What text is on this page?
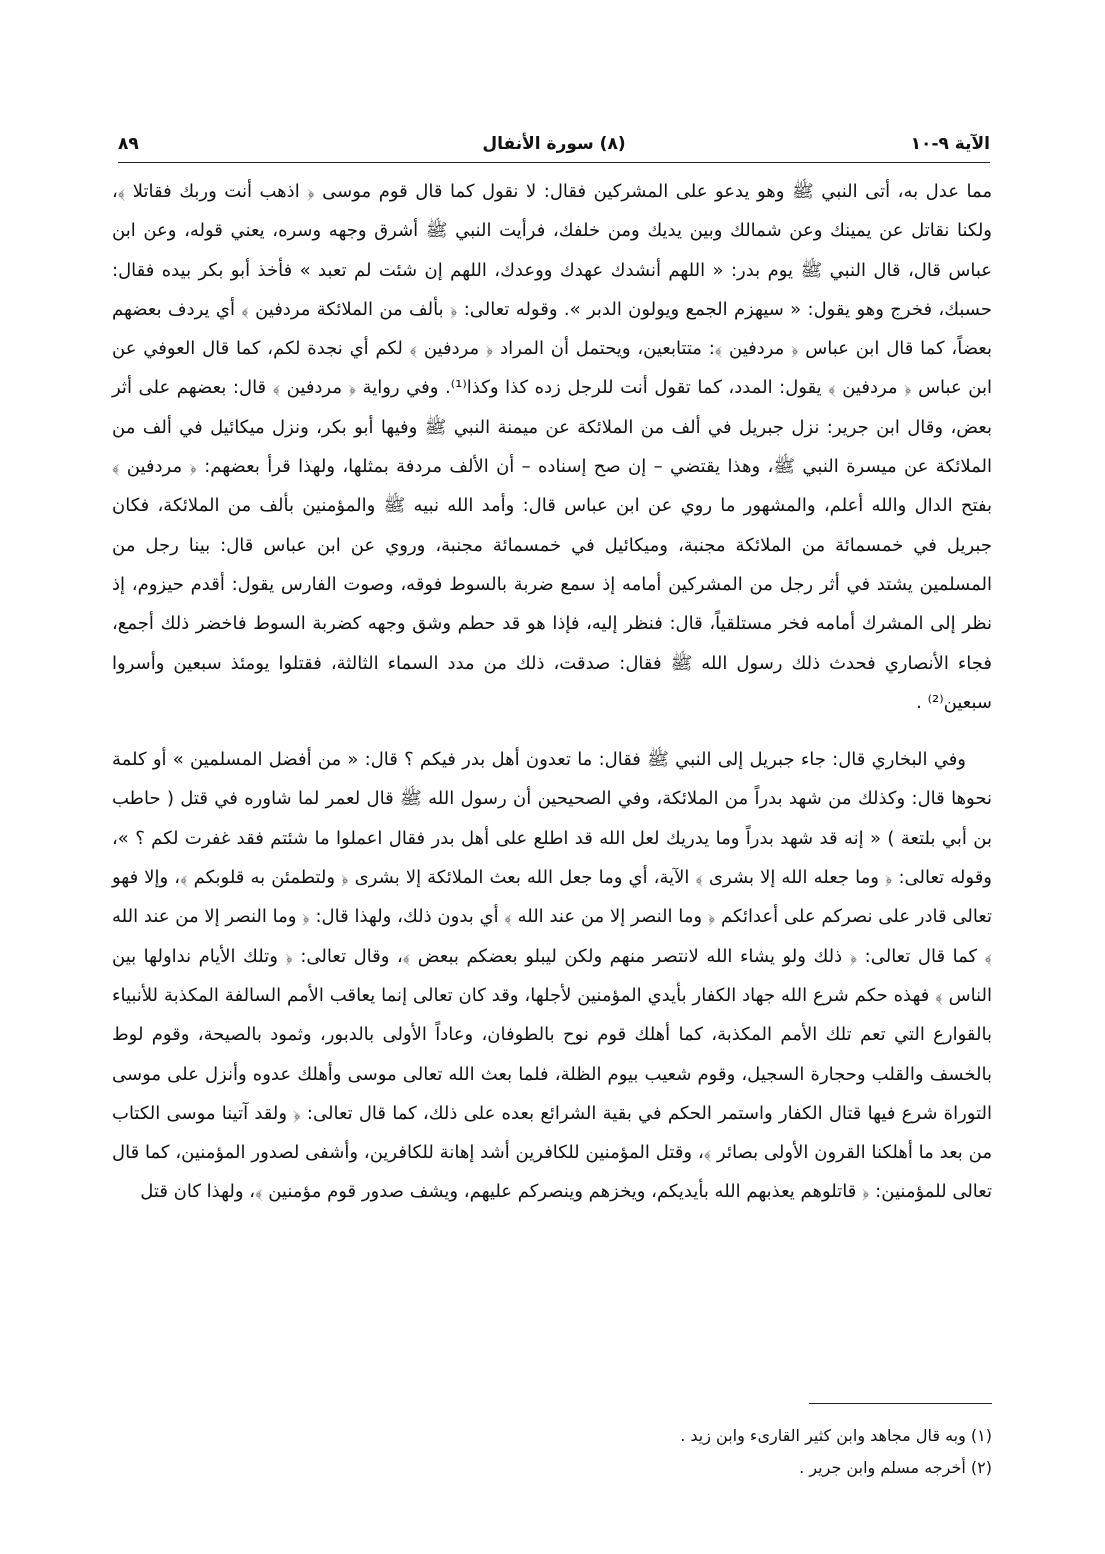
الآية ٩-١٠
(٨) سورة الأنفال
٨٩

مما عدل به، أتى النبي ﷺ وهو يدعو على المشركين فقال: لا نقول كما قال قوم موسى ﴿ اذهب أنت وربك فقاتلا ﴾، ولكنا نقاتل عن يمينك وعن شمالك وبين يديك ومن خلفك، فرأيت النبي ﷺ أشرق وجهه وسره، يعني قوله، وعن ابن عباس قال، قال النبي ﷺ يوم بدر: « اللهم أنشدك عهدك ووعدك، اللهم إن شئت لم تعبد » فأخذ أبو بكر بيده فقال: حسبك، فخرج وهو يقول: « سيهزم الجمع ويولون الدبر ». وقوله تعالى: ﴿ بألف من الملائكة مردفين ﴾ أي يردف بعضهم بعضاً، كما قال ابن عباس ﴿ مردفين ﴾: متتابعين، ويحتمل أن المراد ﴿ مردفين ﴾ لكم أي نجدة لكم، كما قال العوفي عن ابن عباس ﴿ مردفين ﴾ يقول: المدد، كما تقول أنت للرجل زده كذا وكذا⁽¹⁾. وفي رواية ﴿ مردفين ﴾ قال: بعضهم على أثر بعض، وقال ابن جرير: نزل جبريل في ألف من الملائكة عن ميمنة النبي ﷺ وفيها أبو بكر، ونزل ميكائيل في ألف من الملائكة عن ميسرة النبي ﷺ، وهذا يقتضي – إن صح إسناده – أن الألف مردفة بمثلها، ولهذا قرأ بعضهم: ﴿ مردفين ﴾ بفتح الدال والله أعلم، والمشهور ما روي عن ابن عباس قال: وأمد الله نبيه ﷺ والمؤمنين بألف من الملائكة، فكان جبريل في خمسمائة من الملائكة مجنبة، وميكائيل في خمسمائة مجنبة، وروي عن ابن عباس قال: بينا رجل من المسلمين يشتد في أثر رجل من المشركين أمامه إذ سمع ضربة بالسوط فوقه، وصوت الفارس يقول: أقدم حيزوم، إذ نظر إلى المشرك أمامه فخر مستلقياً، قال: فنظر إليه، فإذا هو قد حطم وشق وجهه كضربة السوط فاخضر ذلك أجمع، فجاء الأنصاري فحدث ذلك رسول الله ﷺ فقال: صدقت، ذلك من مدد السماء الثالثة، فقتلوا يومئذ سبعين وأسروا سبعين⁽²⁾ .

وفي البخاري قال: جاء جبريل إلى النبي ﷺ فقال: ما تعدون أهل بدر فيكم ؟ قال: « من أفضل المسلمين » أو كلمة نحوها قال: وكذلك من شهد بدراً من الملائكة، وفي الصحيحين أن رسول الله ﷺ قال لعمر لما شاوره في قتل ( حاطب بن أبي بلتعة ) « إنه قد شهد بدراً وما يدريك لعل الله قد اطلع على أهل بدر فقال اعملوا ما شئتم فقد غفرت لكم ؟ »، وقوله تعالى: ﴿ وما جعله الله إلا بشرى ﴾ الآية، أي وما جعل الله بعث الملائكة إلا بشرى ﴿ ولتطمئن به قلوبكم ﴾، وإلا فهو تعالى قادر على نصركم على أعدائكم ﴿ وما النصر إلا من عند الله ﴾ أي بدون ذلك، ولهذا قال: ﴿ وما النصر إلا من عند الله ﴾ كما قال تعالى: ﴿ ذلك ولو يشاء الله لانتصر منهم ولكن ليبلو بعضكم ببعض ﴾، وقال تعالى: ﴿ وتلك الأيام نداولها بين الناس ﴾ فهذه حكم شرع الله جهاد الكفار بأيدي المؤمنين لأجلها، وقد كان تعالى إنما يعاقب الأمم السالفة المكذبة للأنبياء بالقوارع التي تعم تلك الأمم المكذبة، كما أهلك قوم نوح بالطوفان، وعاداً الأولى بالدبور، وثمود بالصيحة، وقوم لوط بالخسف والقلب وحجارة السجيل، وقوم شعيب بيوم الظلة، فلما بعث الله تعالى موسى وأهلك عدوه وأنزل على موسى التوراة شرع فيها قتال الكفار واستمر الحكم في بقية الشرائع بعده على ذلك، كما قال تعالى: ﴿ ولقد آتينا موسى الكتاب من بعد ما أهلكنا القرون الأولى بصائر ﴾، وقتل المؤمنين للكافرين أشد إهانة للكافرين، وأشفى لصدور المؤمنين، كما قال تعالى للمؤمنين: ﴿ قاتلوهم يعذبهم الله بأيديكم، ويخزهم وينصركم عليهم، ويشف صدور قوم مؤمنين ﴾، ولهذا كان قتل

(١) وبه قال مجاهد وابن كثير القارىء وابن زيد .
(٢) أخرجه مسلم وابن جرير .
